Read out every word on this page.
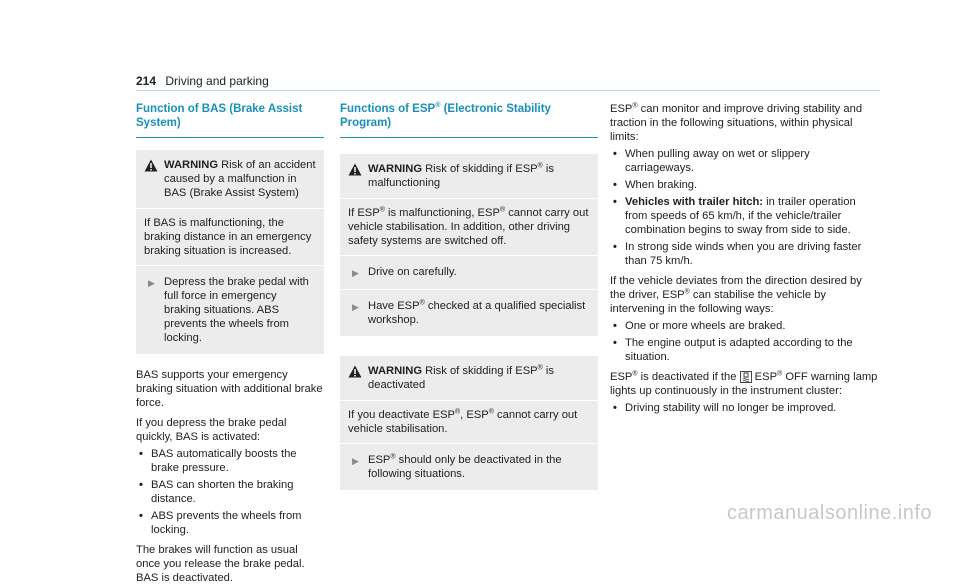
214 Driving and parking
Function of BAS (Brake Assist System)
WARNING Risk of an accident caused by a malfunction in BAS (Brake Assist System)
If BAS is malfunctioning, the braking distance in an emergency braking situation is increased.
▶ Depress the brake pedal with full force in emergency braking situations. ABS prevents the wheels from locking.

BAS supports your emergency braking situation with additional brake force.

If you depress the brake pedal quickly, BAS is activated:

• BAS automatically boosts the brake pressure.
• BAS can shorten the braking distance.
• ABS prevents the wheels from locking.

The brakes will function as usual once you release the brake pedal. BAS is deactivated.

Functions of ESP® (Electronic Stability Program)
WARNING Risk of skidding if ESP® is malfunctioning
If ESP® is malfunctioning, ESP® cannot carry out vehicle stabilisation. In addition, other driving safety systems are switched off.
▶ Drive on carefully.
▶ Have ESP® checked at a qualified specialist workshop.
WARNING Risk of skidding if ESP® is deactivated
If you deactivate ESP®, ESP® cannot carry out vehicle stabilisation.
▶ ESP® should only be deactivated in the following situations.

ESP® can monitor and improve driving stability and traction in the following situations, within physical limits:

• When pulling away on wet or slippery carriageways.
• When braking.
• Vehicles with trailer hitch: in trailer operation from speeds of 65 km/h, if the vehicle/trailer combination begins to sway from side to side.
• In strong side winds when you are driving faster than 75 km/h.

If the vehicle deviates from the direction desired by the driver, ESP® can stabilise the vehicle by intervening in the following ways:

• One or more wheels are braked.
• The engine output is adapted according to the situation.

ESP® is deactivated if the  ESP® OFF warning lamp lights up continuously in the instrument cluster:

• Driving stability will no longer be improved.
carmanualsonline.info
